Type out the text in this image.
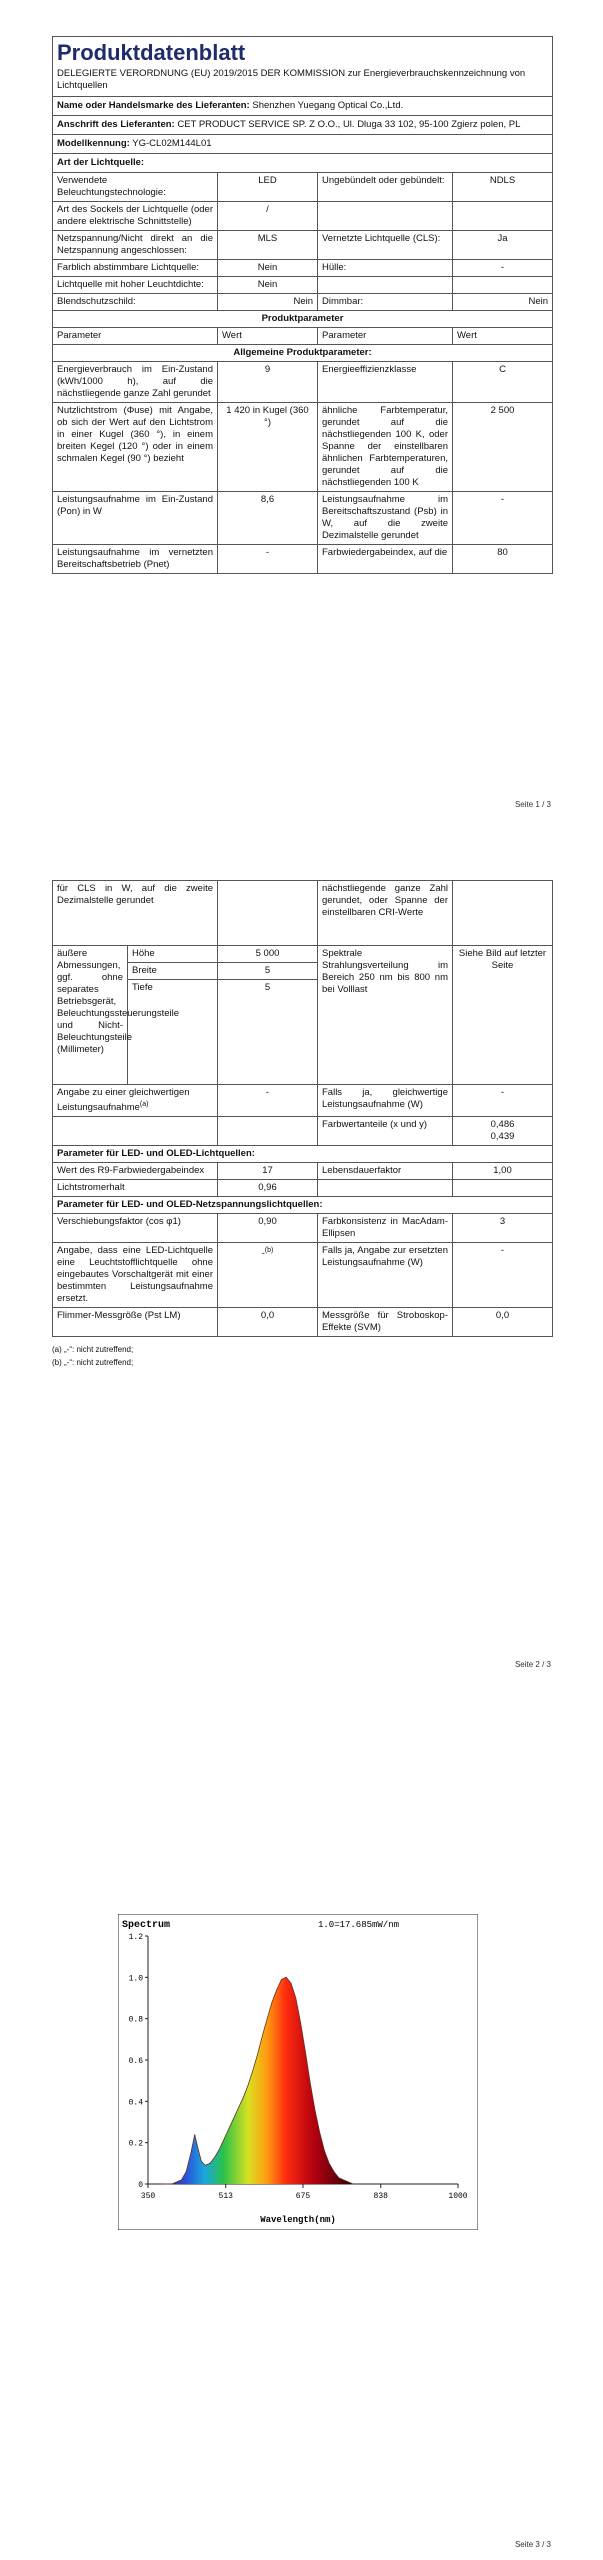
Produktdatenblatt
DELEGIERTE VERORDNUNG (EU) 2019/2015 DER KOMMISSION zur Energieverbrauchskennzeichnung von Lichtquellen
Name oder Handelsmarke des Lieferanten: Shenzhen Yuegang Optical Co.,Ltd.
Anschrift des Lieferanten: CET PRODUCT SERVICE SP. Z O.O., Ul. Dluga 33 102, 95-100 Zgierz polen, PL
Modellkennung: YG-CL02M144L01
Art der Lichtquelle:
Verwendete Beleuchtungstechnologie:	LED	Ungebündelt oder gebündelt:	NDLS
Art des Sockels der Lichtquelle (oder andere elektrische Schnittstelle)	/		
Netzspannung/Nicht direkt an die Netzspannung angeschlossen:	MLS	Vernetzte Lichtquelle (CLS):	Ja
Farblich abstimmbare Lichtquelle:	Nein	Hülle:	-
Lichtquelle mit hoher Leuchtdichte:	Nein		
Blendschutzschild:	Nein	Dimmbar:	Nein
Produktparameter			
Parameter	Wert	Parameter	Wert
Allgemeine Produktparameter:			
Energieverbrauch im Ein-Zustand (kWh/1000 h), auf die nächstliegende ganze Zahl gerundet	9	Energieeffizienzklasse	C
Nutzlichtstrom (Φuse) mit Angabe, ob sich der Wert auf den Lichtstrom in einer Kugel (360 °), in einem breiten Kegel (120 °) oder in einem schmalen Kegel (90 °) bezieht	1 420 in Kugel (360 °)	ähnliche Farbtemperatur, gerundet auf die nächstliegenden 100 K, oder Spanne der einstellbaren ähnlichen Farbtemperaturen, gerundet auf die nächstliegenden 100 K	2 500
Leistungsaufnahme im Ein-Zustand (Pon) in W	8,6	Leistungsaufnahme im Bereitschaftszustand (Psb) in W, auf die zweite Dezimalstelle gerundet	-
Leistungsaufnahme im vernetzten Bereitschaftsbetrieb (Pnet)	-	Farbwiedergabeindex, auf die	80
Seite 1 / 3
für CLS in W, auf die zweite Dezimalstelle gerundet			nächstliegende ganze Zahl gerundet, oder Spanne der einstellbaren CRI-Werte	
äußere Abmessungen, ggf. ohne separates Betriebsgerät, Beleuchtungssteuerungsteile und Nicht-Beleuchtungsteile (Millimeter)	Höhe	5 000	Spektrale Strahlungsverteilung im Bereich 250 nm bis 800 nm bei Volllast	Siehe Bild auf letzter Seite
	Breite	5		
	Tiefe	5		
Angabe zu einer gleichwertigen Leistungsaufnahme$^{(a)}$		-	Falls ja, gleichwertige Leistungsaufnahme (W)	-
			Farbwertanteile (x und y)	0,486
0,439
Parameter für LED- und OLED-Lichtquellen:				
Wert des R9-Farbwiedergabeindex		17	Lebensdauerfaktor	1,00
Lichtstromerhalt		0,96		
Parameter für LED- und OLED-Netzspannungslichtquellen:				
Verschiebungsfaktor (cos φ1)		0,90	Farbkonsistenz in MacAdam-Ellipsen	3
Angabe, dass eine LED-Lichtquelle eine Leuchtstofflichtquelle ohne eingebautes Vorschaltgerät mit einer bestimmten Leistungsaufnahme ersetzt.		-$^{(b)}$	Falls ja, Angabe zur ersetzten Leistungsaufnahme (W)	-
Flimmer-Messgröße (Pst LM)		0,0	Messgröße für Stroboskop-Effekte (SVM)	0,0
(a) „-“: nicht zutreffend;
(b) „-“: nicht zutreffend;
Seite 2 / 3
Spectrum	1.0=17.685mW/nm
Wavelength(nm)
0
0.2
0.4
0.6
0.8
1.0
1.2
350	513	675	838	1000
Seite 3 / 3
